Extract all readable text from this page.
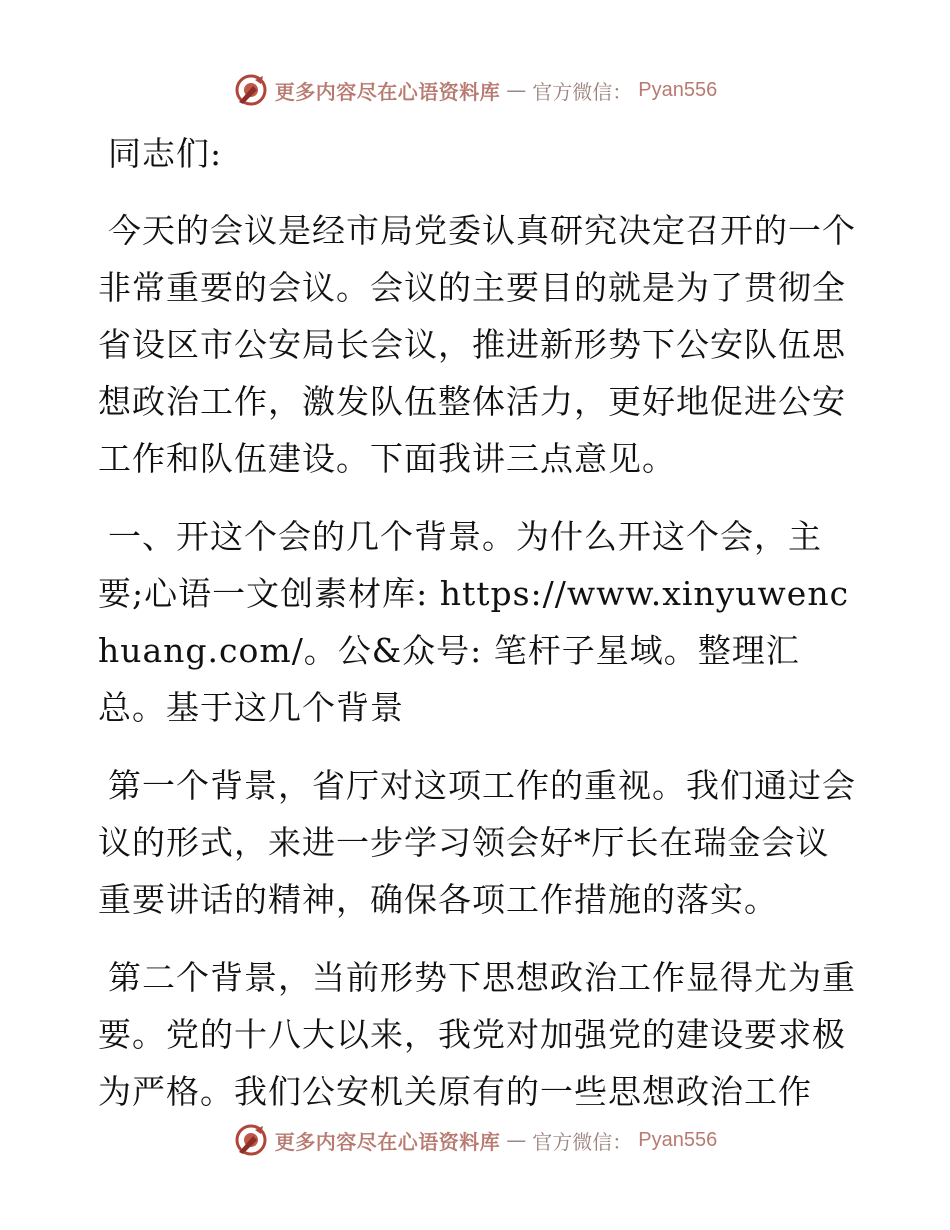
更多内容尽在心语资料库 — 官方微信： Pyan556

同志们:

今天的会议是经市局党委认真研究决定召开的一个非常重要的会议。会议的主要目的就是为了贯彻全省设区市公安局长会议，推进新形势下公安队伍思想政治工作，激发队伍整体活力，更好地促进公安工作和队伍建设。下面我讲三点意见。

一、开这个会的几个背景。为什么开这个会，主要;心语一文创素材库: https://www.xinyuwenchuang.com/。公&众号: 笔杆子星域。整理汇总。基于这几个背景

第一个背景，省厅对这项工作的重视。我们通过会议的形式，来进一步学习领会好*厅长在瑞金会议重要讲话的精神，确保各项工作措施的落实。

第二个背景，当前形势下思想政治工作显得尤为重要。党的十八大以来，我党对加强党的建设要求极为严格。我们公安机关原有的一些思想政治工作

更多内容尽在心语资料库 — 官方微信： Pyan556
